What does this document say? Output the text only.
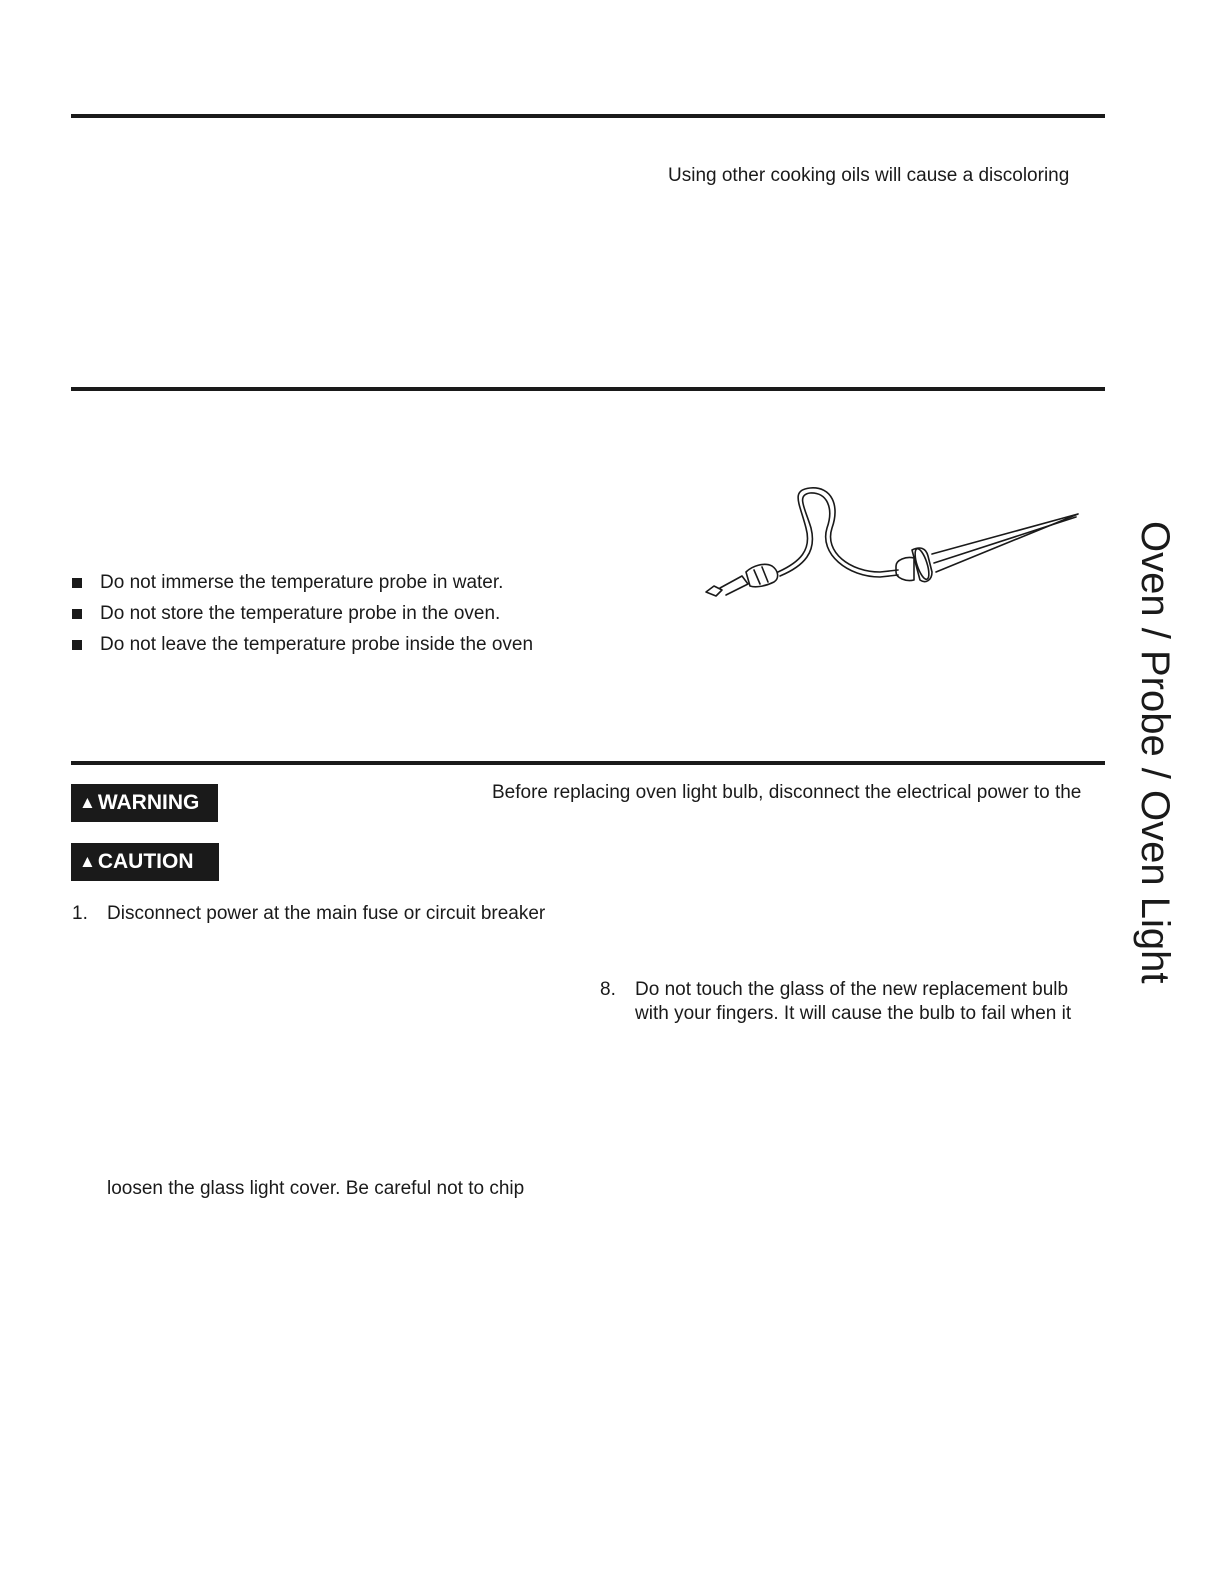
Using other cooking oils will cause a discoloring
Do not immerse the temperature probe in water.
Do not store the temperature probe in the oven.
Do not leave the temperature probe inside the oven
▲ WARNING	Before replacing oven light bulb, disconnect the electrical power to the
▲ CAUTION
1. Disconnect power at the main fuse or circuit breaker
8. Do not touch the glass of the new replacement bulb
with your fingers. It will cause the bulb to fail when it
loosen the glass light cover. Be careful not to chip
Oven / Probe / Oven Light
